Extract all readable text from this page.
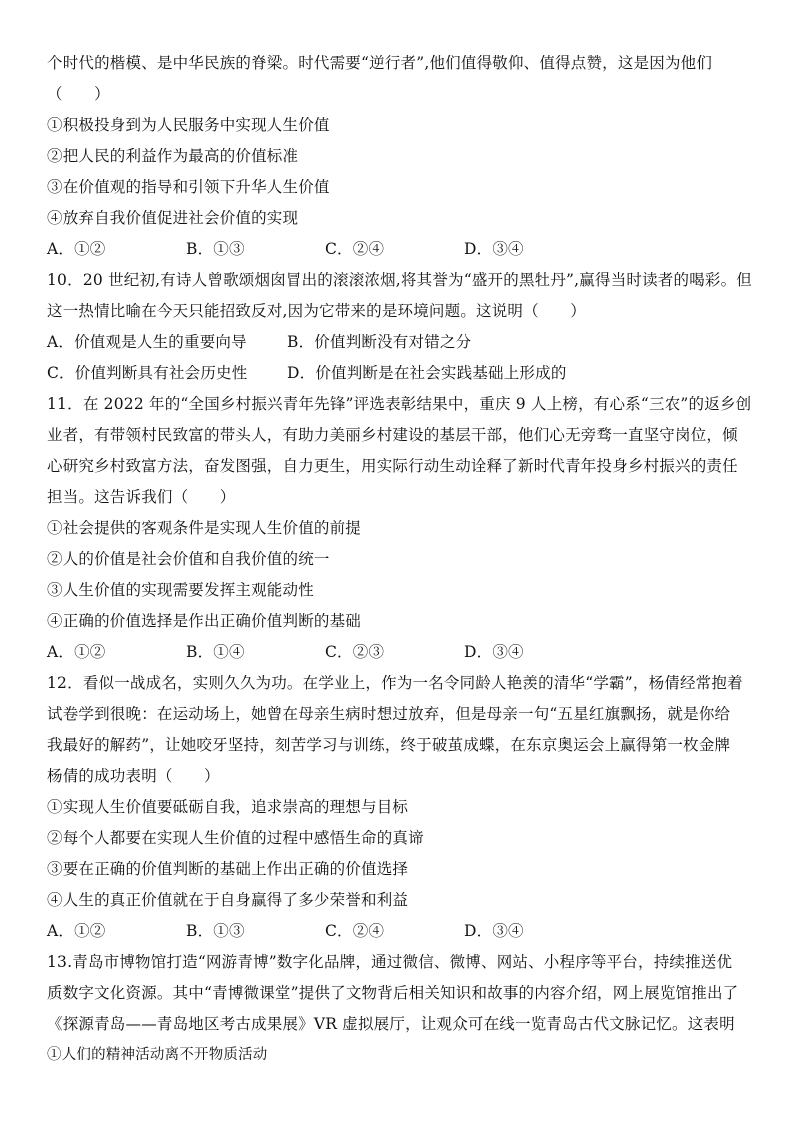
个时代的楷模、是中华民族的脊梁。时代需要“逆行者”,他们值得敬仰、值得点赞，这是因为他们
（　　）
①积极投身到为人民服务中实现人生价值
②把人民的利益作为最高的价值标准
③在价值观的指导和引领下升华人生价值
④放弃自我价值促进社会价值的实现
A．①②	B．①③	C．②④	D．③④
10．20 世纪初,有诗人曾歌颂烟囱冒出的滚滚浓烟,将其誉为“盛开的黑牡丹”,赢得当时读者的喝彩。但
这一热情比喻在今天只能招致反对,因为它带来的是环境问题。这说明（　　）
A．价值观是人生的重要向导	B．价值判断没有对错之分
C．价值判断具有社会历史性	D．价值判断是在社会实践基础上形成的
11．在 2022 年的“全国乡村振兴青年先锋”评选表彰结果中，重庆 9 人上榜，有心系“三农”的返乡创
业者，有带领村民致富的带头人，有助力美丽乡村建设的基层干部，他们心无旁骛一直坚守岗位，倾
心研究乡村致富方法，奋发图强，自力更生，用实际行动生动诠释了新时代青年投身乡村振兴的责任
担当。这告诉我们（　　）
①社会提供的客观条件是实现人生价值的前提
②人的价值是社会价值和自我价值的统一
③人生价值的实现需要发挥主观能动性
④正确的价值选择是作出正确价值判断的基础
A．①②	B．①④	C．②③	D．③④
12．看似一战成名，实则久久为功。在学业上，作为一名令同龄人艳羡的清华“学霸”，杨倩经常抱着
试卷学到很晚：在运动场上，她曾在母亲生病时想过放弃，但是母亲一句“五星红旗飘扬，就是你给
我最好的解药”，让她咬牙坚持，刻苦学习与训练，终于破茧成蝶，在东京奥运会上赢得第一枚金牌
杨倩的成功表明（　　）
①实现人生价值要砥砺自我，追求崇高的理想与目标
②每个人都要在实现人生价值的过程中感悟生命的真谛
③要在正确的价值判断的基础上作出正确的价值选择
④人生的真正价值就在于自身赢得了多少荣誉和利益
A．①②	B．①③	C．②④	D．③④
13.青岛市博物馆打造“网游青博”数字化品牌，通过微信、微博、网站、小程序等平台，持续推送优
质数字文化资源。其中“青博微课堂”提供了文物背后相关知识和故事的内容介绍，网上展览馆推出了
《探源青岛——青岛地区考古成果展》VR 虚拟展厅，让观众可在线一览青岛古代文脉记忆。这表明
①人们的精神活动离不开物质活动
